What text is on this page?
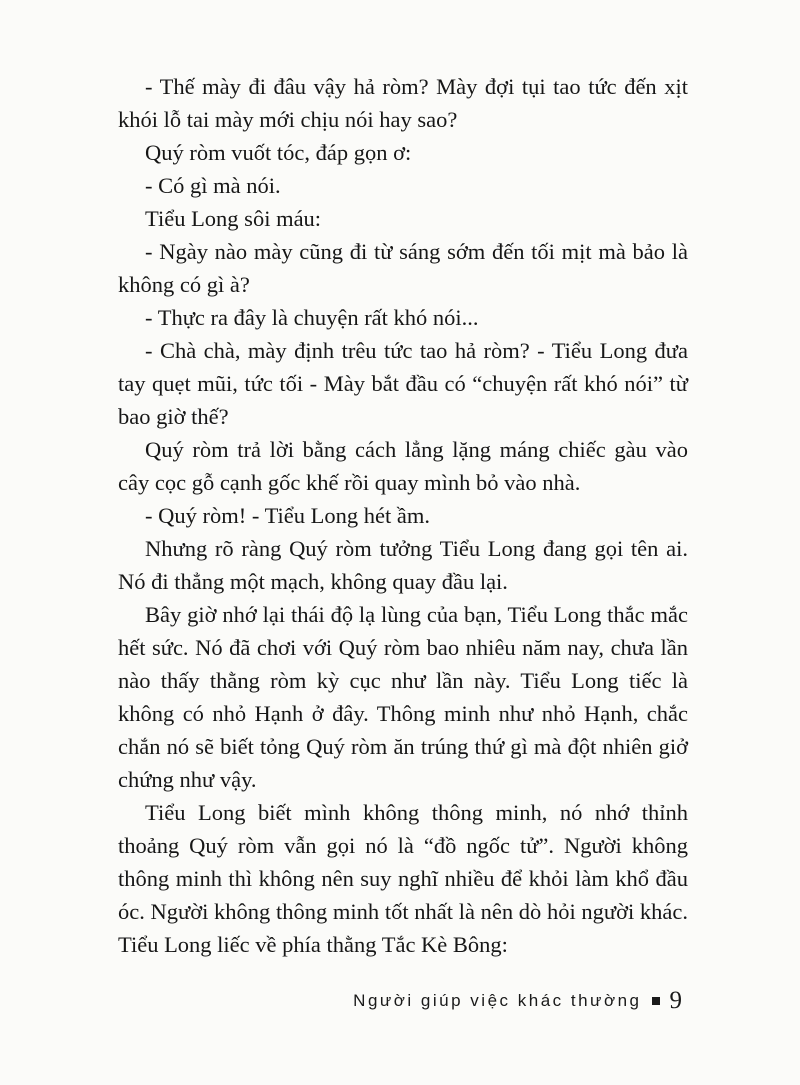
- Thế mày đi đâu vậy hả ròm? Mày đợi tụi tao tức đến xịt khói lỗ tai mày mới chịu nói hay sao?

Quý ròm vuốt tóc, đáp gọn ơ:

- Có gì mà nói.

Tiểu Long sôi máu:

- Ngày nào mày cũng đi từ sáng sớm đến tối mịt mà bảo là không có gì à?

- Thực ra đây là chuyện rất khó nói...

- Chà chà, mày định trêu tức tao hả ròm? - Tiểu Long đưa tay quẹt mũi, tức tối - Mày bắt đầu có “chuyện rất khó nói” từ bao giờ thế?

Quý ròm trả lời bằng cách lẳng lặng máng chiếc gàu vào cây cọc gỗ cạnh gốc khế rồi quay mình bỏ vào nhà.

- Quý ròm! - Tiểu Long hét ầm.

Nhưng rõ ràng Quý ròm tưởng Tiểu Long đang gọi tên ai. Nó đi thẳng một mạch, không quay đầu lại.

Bây giờ nhớ lại thái độ lạ lùng của bạn, Tiểu Long thắc mắc hết sức. Nó đã chơi với Quý ròm bao nhiêu năm nay, chưa lần nào thấy thằng ròm kỳ cục như lần này. Tiểu Long tiếc là không có nhỏ Hạnh ở đây. Thông minh như nhỏ Hạnh, chắc chắn nó sẽ biết tỏng Quý ròm ăn trúng thứ gì mà đột nhiên giở chứng như vậy.

Tiểu Long biết mình không thông minh, nó nhớ thỉnh thoảng Quý ròm vẫn gọi nó là “đồ ngốc tử”. Người không thông minh thì không nên suy nghĩ nhiều để khỏi làm khổ đầu óc. Người không thông minh tốt nhất là nên dò hỏi người khác. Tiểu Long liếc về phía thằng Tắc Kè Bông:

Người giúp việc khác thường 9
